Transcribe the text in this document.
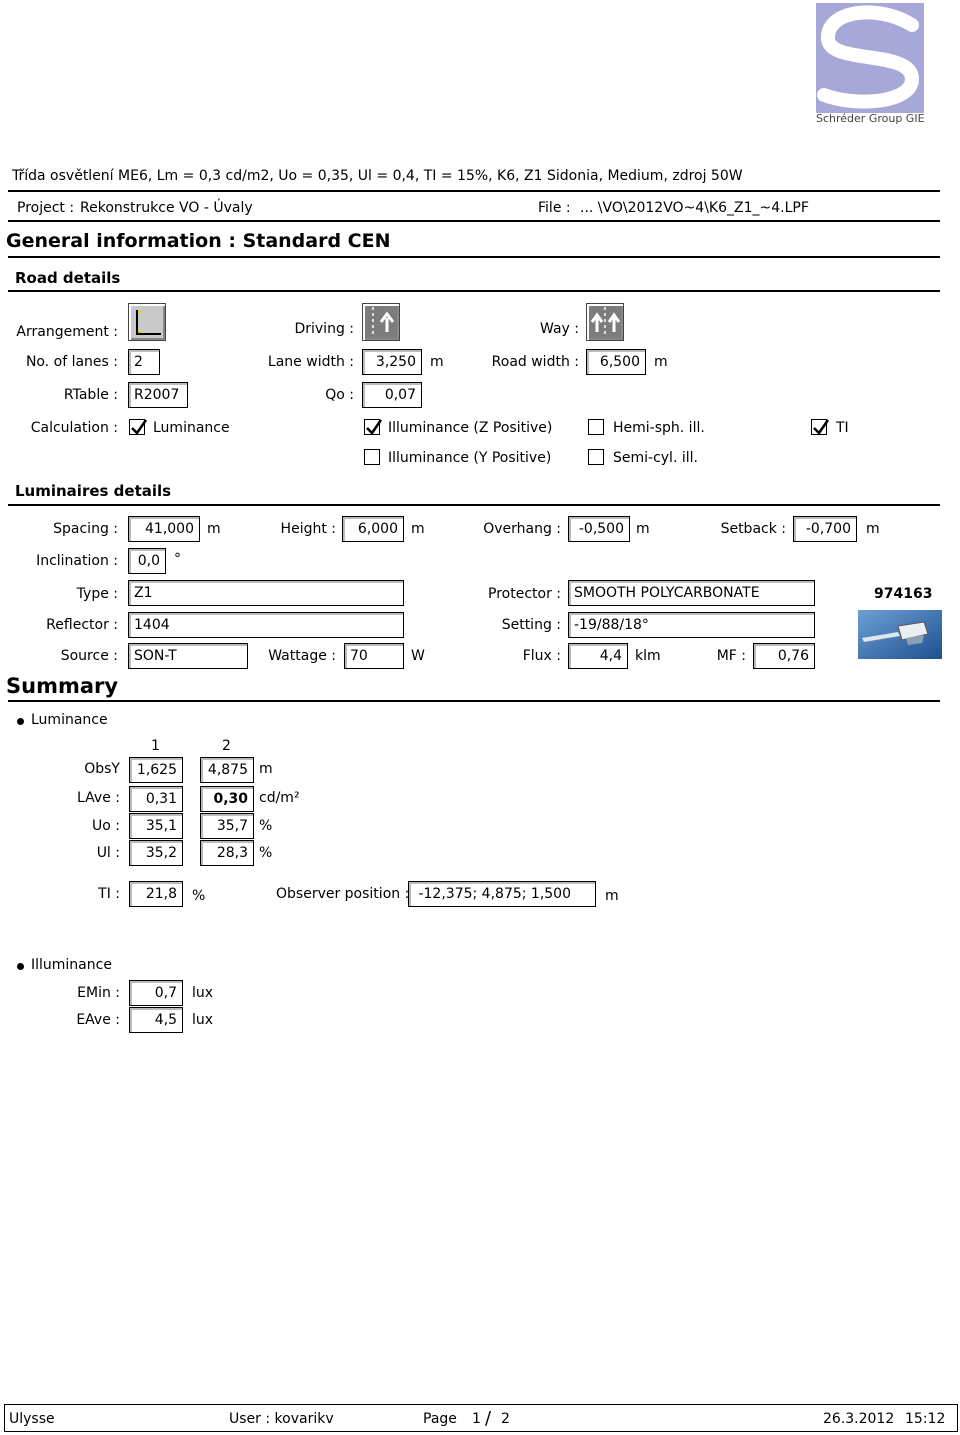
Schréder Group GIE
Třída osvětlení ME6, Lm = 0,3 cd/m2, Uo = 0,35, Ul = 0,4, TI = 15%, K6, Z1 Sidonia, Medium, zdroj 50W
Project : Rekonstrukce VO - Úvaly	File : ... \VO\2012VO~4\K6_Z1_~4.LPF
General information : Standard CEN
Road details
Arrangement :	Driving :	Way :
No. of lanes :	2	Lane width :	3,250	m	Road width :	6,500	m
RTable :	R2007	Qo :	0,07
Calculation :	Luminance	Illuminance (Z Positive)	Hemi-sph. ill.	TI
Illuminance (Y Positive)	Semi-cyl. ill.
Luminaires details
Spacing :	41,000 m	Height :	6,000 m	Overhang :	-0,500 m	Setback :	-0,700	m
Inclination :	0,0	°
Type :	Z1	Protector : SMOOTH POLYCARBONATE	974163
Reflector :	1404	Setting : -19/88/18°
Source :	SON-T	Wattage :	70	W	Flux :	4,4 klm	MF :	0,76
Summary
Luminance
1	2
ObsY	1,625	4,875 m
LAve :	0,31	0,30 cd/m²
Uo :	35,1	35,7 %
Ul :	35,2	28,3 %
TI :	21,8	%	Observer position : -12,375; 4,875; 1,500	m
Illuminance
EMin :	0,7	lux
EAve :	4,5	lux
Ulysse	User : kovarikv	Page 1 / 2	26.3.2012 15:12
